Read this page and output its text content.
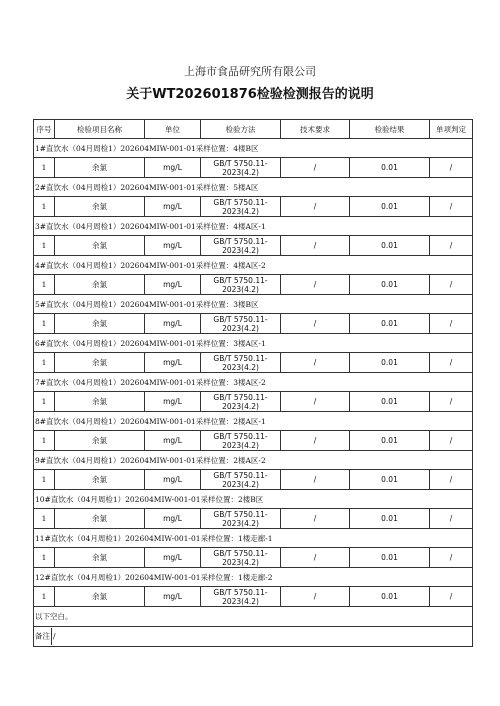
上海市食品研究所有限公司
关于WT202601876检验检测报告的说明
序号	检验项目名称	单位	检验方法	技术要求	检验结果	单项判定
1#直饮水（04月周检1）202604MIW-001-01采样位置：4楼B区						
1	余氯	mg/L	GB/T 5750.11-2023(4.2)	/	0.01	/
2#直饮水（04月周检1）202604MIW-001-01采样位置：5楼A区						
1	余氯	mg/L	GB/T 5750.11-2023(4.2)	/	0.01	/
3#直饮水（04月周检1）202604MIW-001-01采样位置：4楼A区-1						
1	余氯	mg/L	GB/T 5750.11-2023(4.2)	/	0.01	/
4#直饮水（04月周检1）202604MIW-001-01采样位置：4楼A区-2						
1	余氯	mg/L	GB/T 5750.11-2023(4.2)	/	0.01	/
5#直饮水（04月周检1）202604MIW-001-01采样位置：3楼B区						
1	余氯	mg/L	GB/T 5750.11-2023(4.2)	/	0.01	/
6#直饮水（04月周检1）202604MIW-001-01采样位置：3楼A区-1						
1	余氯	mg/L	GB/T 5750.11-2023(4.2)	/	0.01	/
7#直饮水（04月周检1）202604MIW-001-01采样位置：3楼A区-2						
1	余氯	mg/L	GB/T 5750.11-2023(4.2)	/	0.01	/
8#直饮水（04月周检1）202604MIW-001-01采样位置：2楼A区-1						
1	余氯	mg/L	GB/T 5750.11-2023(4.2)	/	0.01	/
9#直饮水（04月周检1）202604MIW-001-01采样位置：2楼A区-2						
1	余氯	mg/L	GB/T 5750.11-2023(4.2)	/	0.01	/
10#直饮水（04月周检1）202604MIW-001-01采样位置：2楼B区						
1	余氯	mg/L	GB/T 5750.11-2023(4.2)	/	0.01	/
11#直饮水（04月周检1）202604MIW-001-01采样位置：1楼走廊-1						
1	余氯	mg/L	GB/T 5750.11-2023(4.2)	/	0.01	/
12#直饮水（04月周检1）202604MIW-001-01采样位置：1楼走廊-2						
1	余氯	mg/L	GB/T 5750.11-2023(4.2)	/	0.01	/
以下空白。						
备注 /						
